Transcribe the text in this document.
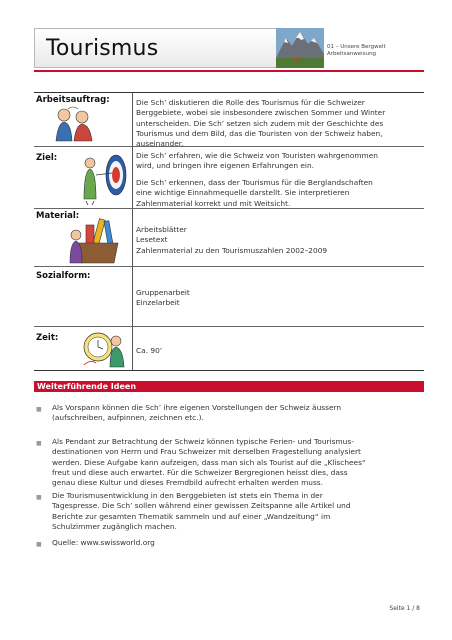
Tourismus	01 – Unsere Bergwelt
Arbeitsanweisung
Arbeitsauftrag:	Die Sch’ diskutieren die Rolle des Tourismus für die Schweizer
Berggebiete, wobei sie insbesondere zwischen Sommer und Winter
unterscheiden. Die Sch’ setzen sich zudem mit der Geschichte des
Tourismus und dem Bild, das die Touristen von der Schweiz haben,
auseinander.
Ziel:	Die Sch’ erfahren, wie die Schweiz von Touristen wahrgenommen
wird, und bringen ihre eigenen Erfahrungen ein.
Die Sch’ erkennen, dass der Tourismus für die Berglandschaften
eine wichtige Einnahmequelle darstellt. Sie interpretieren
Zahlenmaterial korrekt und mit Weitsicht.
Material:
Arbeitsblätter
Lesetext
Zahlenmaterial zu den Tourismuszahlen 2002–2009
Sozialform:
Gruppenarbeit
Einzelarbeit
Zeit:
Ca. 90’
Weiterführende Ideen
■ Als Vorspann können die Sch’ ihre eigenen Vorstellungen der Schweiz äussern
(aufschreiben, aufpinnen, zeichnen etc.).
■ Als Pendant zur Betrachtung der Schweiz können typische Ferien- und Tourismus-
destinationen von Herrn und Frau Schweizer mit derselben Fragestellung analysiert
werden. Diese Aufgabe kann aufzeigen, dass man sich als Tourist auf die „Klischees“
freut und diese auch erwartet. Für die Schweizer Bergregionen heisst dies, dass
genau diese Kultur und dieses Fremdbild aufrecht erhalten werden muss.
■ Die Tourismusentwicklung in den Berggebieten ist stets ein Thema in der
Tagespresse. Die Sch’ sollen während einer gewissen Zeitspanne alle Artikel und
Berichte zur gesamten Thematik sammeln und auf einer „Wandzeitung“ im
Schulzimmer zugänglich machen.
■ Quelle: www.swissworld.org
Seite 1 / 8
